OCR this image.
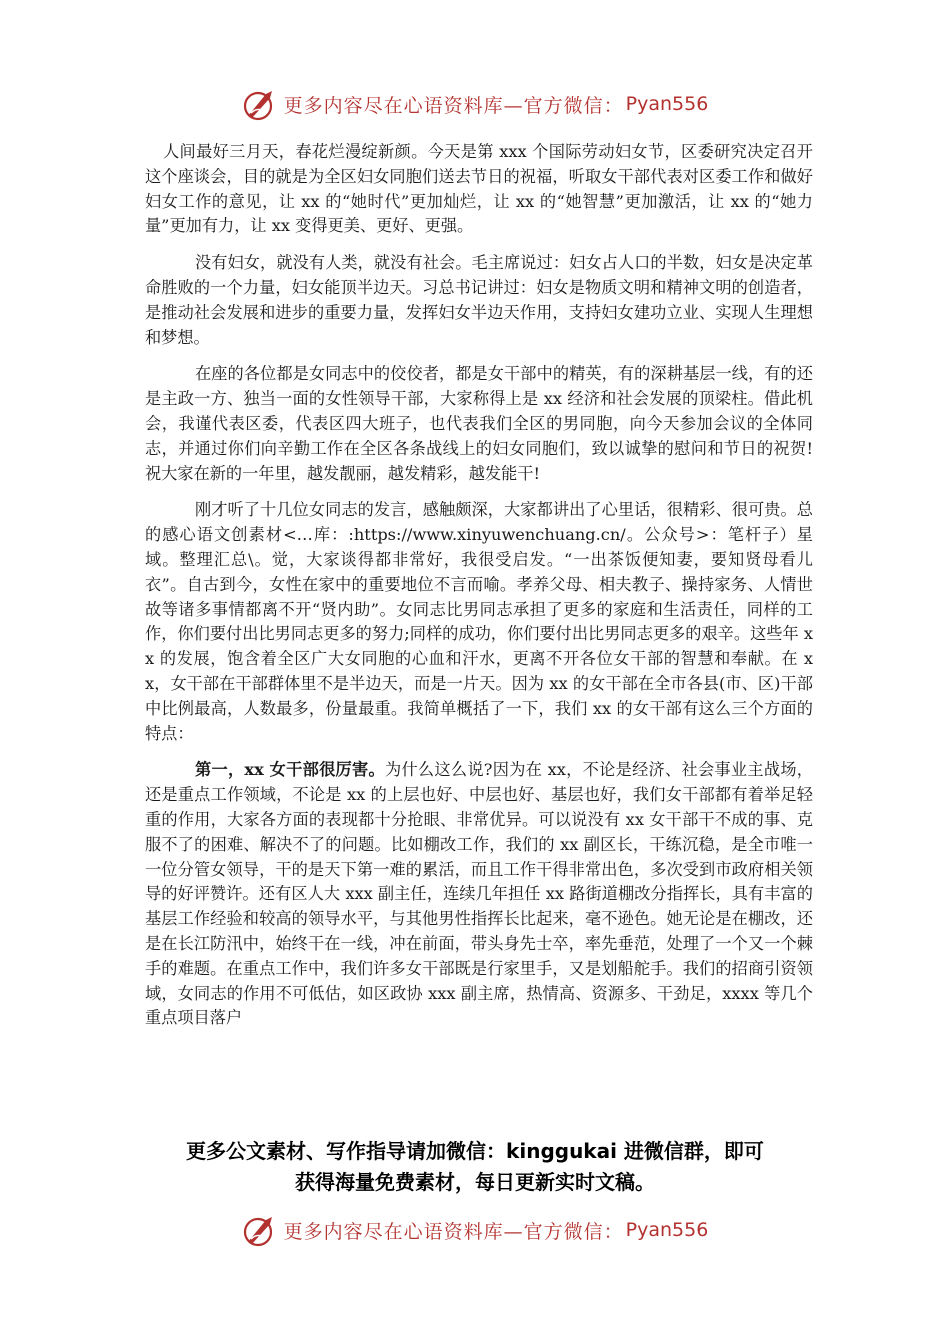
更多内容尽在心语资料库—官方微信： Pyan556

人间最好三月天，春花烂漫绽新颜。今天是第 xxx 个国际劳动妇女节，区委研究决定召开这个座谈会，目的就是为全区妇女同胞们送去节日的祝福，听取女干部代表对区委工作和做好妇女工作的意见，让 xx 的“她时代”更加灿烂，让 xx 的“她智慧”更加激活，让 xx 的“她力量”更加有力，让 xx 变得更美、更好、更强。

没有妇女，就没有人类，就没有社会。毛主席说过：妇女占人口的半数，妇女是决定革命胜败的一个力量，妇女能顶半边天。习总书记讲过：妇女是物质文明和精神文明的创造者，是推动社会发展和进步的重要力量，发挥妇女半边天作用，支持妇女建功立业、实现人生理想和梦想。

在座的各位都是女同志中的佼佼者，都是女干部中的精英，有的深耕基层一线，有的还是主政一方、独当一面的女性领导干部，大家称得上是 xx 经济和社会发展的顶梁柱。借此机会，我谨代表区委，代表区四大班子，也代表我们全区的男同胞，向今天参加会议的全体同志，并通过你们向辛勤工作在全区各条战线上的妇女同胞们，致以诚挚的慰问和节日的祝贺!祝大家在新的一年里，越发靓丽，越发精彩，越发能干!

刚才听了十几位女同志的发言，感触颇深，大家都讲出了心里话，很精彩、很可贵。总的感心语文创素材<…库：:https://www.xinyuwenchuang.cn/。公众号>：笔杆子）星域。整理汇总\。觉，大家谈得都非常好，我很受启发。“一出茶饭便知妻，要知贤母看儿衣”。自古到今，女性在家中的重要地位不言而喻。孝养父母、相夫教子、操持家务、人情世故等诸多事情都离不开“贤内助”。女同志比男同志承担了更多的家庭和生活责任，同样的工作，你们要付出比男同志更多的努力;同样的成功，你们要付出比男同志更多的艰辛。这些年 xx 的发展，饱含着全区广大女同胞的心血和汗水，更离不开各位女干部的智慧和奉献。在 xx，女干部在干部群体里不是半边天，而是一片天。因为 xx 的女干部在全市各县(市、区)干部中比例最高，人数最多，份量最重。我简单概括了一下，我们 xx 的女干部有这么三个方面的特点：

第一，xx 女干部很厉害。为什么这么说?因为在 xx，不论是经济、社会事业主战场，还是重点工作领域，不论是 xx 的上层也好、中层也好、基层也好，我们女干部都有着举足轻重的作用，大家各方面的表现都十分抢眼、非常优异。可以说没有 xx 女干部干不成的事、克服不了的困难、解决不了的问题。比如棚改工作，我们的 xx 副区长，干练沉稳，是全市唯一一位分管女领导，干的是天下第一难的累活，而且工作干得非常出色，多次受到市政府相关领导的好评赞许。还有区人大 xxx 副主任，连续几年担任 xx 路街道棚改分指挥长，具有丰富的基层工作经验和较高的领导水平，与其他男性指挥长比起来，毫不逊色。她无论是在棚改，还是在长江防汛中，始终干在一线，冲在前面，带头身先士卒，率先垂范，处理了一个又一个棘手的难题。在重点工作中，我们许多女干部既是行家里手，又是划船舵手。我们的招商引资领域，女同志的作用不可低估，如区政协 xxx 副主席，热情高、资源多、干劲足，xxxx 等几个重点项目落户

更多公文素材、写作指导请加微信：kinggukai 进微信群，即可
获得海量免费素材，每日更新实时文稿。
更多内容尽在心语资料库—官方微信： Pyan556
